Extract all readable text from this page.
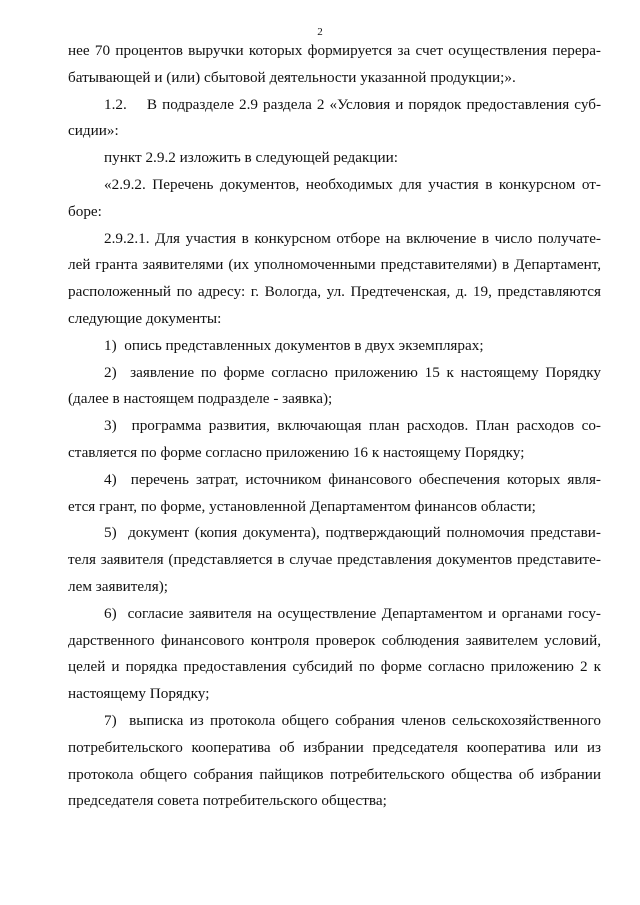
2

нее 70 процентов выручки которых формируется за счет осуществления перера-батывающей и (или) сбытовой деятельности указанной продукции;».

1.2.    В подразделе 2.9 раздела 2 «Условия и порядок предоставления суб-сидии»:

пункт 2.9.2 изложить в следующей редакции:

«2.9.2. Перечень документов, необходимых для участия в конкурсном от-боре:

2.9.2.1. Для участия в конкурсном отборе на включение в число получате-лей гранта заявителями (их уполномоченными представителями) в Департамент, расположенный по адресу: г. Вологда, ул. Предтеченская, д. 19, представляются следующие документы:

1)  опись представленных документов в двух экземплярах;

2)  заявление по форме согласно приложению 15 к настоящему Порядку (далее в настоящем подразделе - заявка);

3)  программа развития, включающая план расходов. План расходов со-ставляется по форме согласно приложению 16 к настоящему Порядку;

4)  перечень затрат, источником финансового обеспечения которых явля-ется грант, по форме, установленной Департаментом финансов области;

5)  документ (копия документа), подтверждающий полномочия представи-теля заявителя (представляется в случае представления документов представите-лем заявителя);

6)  согласие заявителя на осуществление Департаментом и органами госу-дарственного финансового контроля проверок соблюдения заявителем условий, целей и порядка предоставления субсидий по форме согласно приложению 2 к настоящему Порядку;

7)  выписка из протокола общего собрания членов сельскохозяйственного потребительского кооператива об избрании председателя кооператива или из протокола общего собрания пайщиков потребительского общества об избрании председателя совета потребительского общества;
